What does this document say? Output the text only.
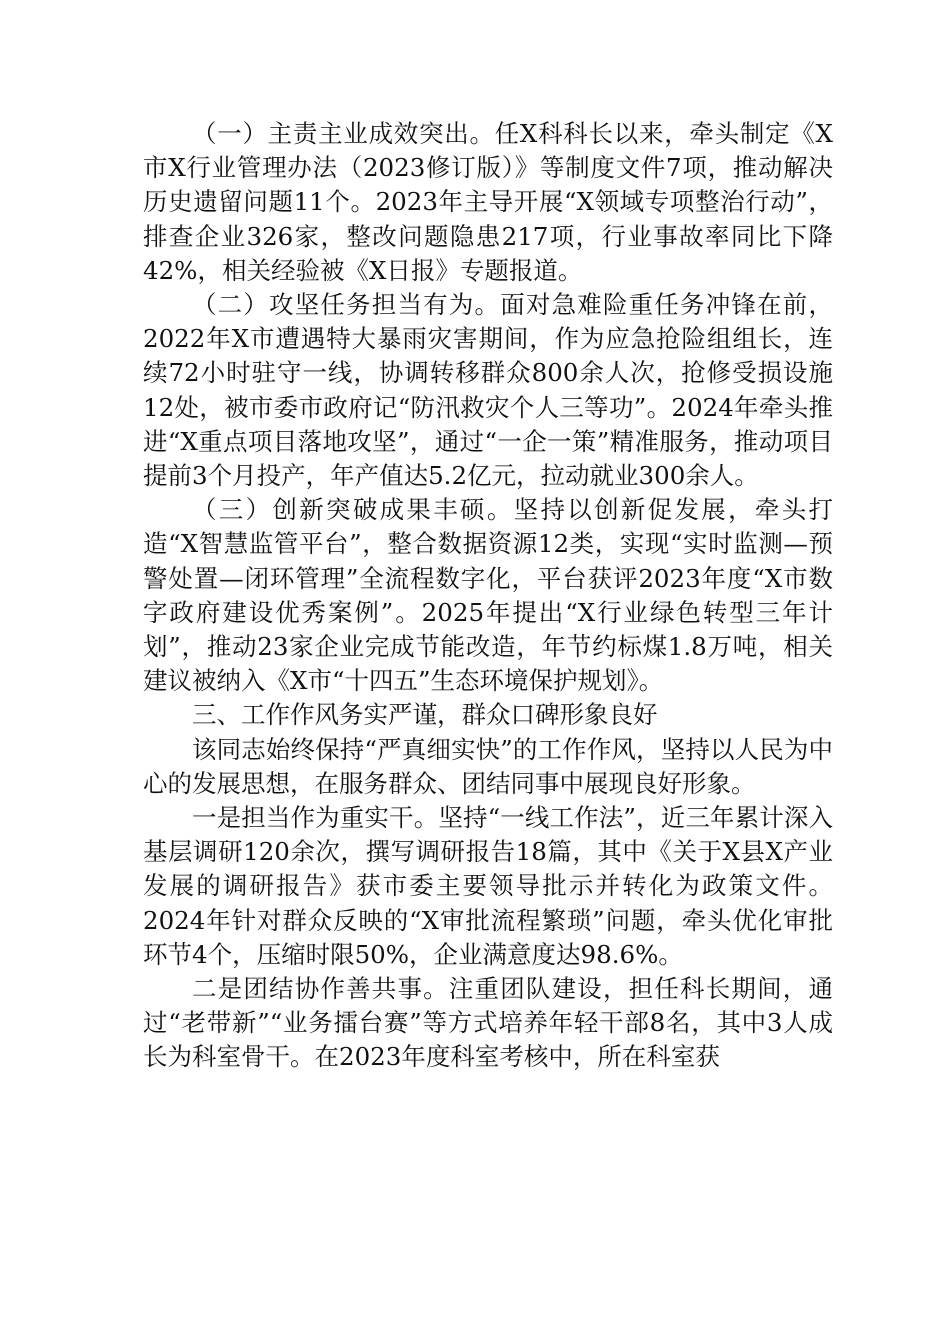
（一）主责主业成效突出。任X科科长以来，牵头制定《X市X行业管理办法（2023修订版）》等制度文件7项，推动解决历史遗留问题11个。2023年主导开展“X领域专项整治行动”，排查企业326家，整改问题隐患217项，行业事故率同比下降42%，相关经验被《X日报》专题报道。

（二）攻坚任务担当有为。面对急难险重任务冲锋在前，2022年X市遭遇特大暴雨灾害期间，作为应急抢险组组长，连续72小时驻守一线，协调转移群众800余人次，抢修受损设施12处，被市委市政府记“防汛救灾个人三等功”。2024年牵头推进“X重点项目落地攻坚”，通过“一企一策”精准服务，推动项目提前3个月投产，年产值达5.2亿元，拉动就业300余人。

（三）创新突破成果丰硕。坚持以创新促发展，牵头打造“X智慧监管平台”，整合数据资源12类，实现“实时监测—预警处置—闭环管理”全流程数字化，平台获评2023年度“X市数字政府建设优秀案例”。2025年提出“X行业绿色转型三年计划”，推动23家企业完成节能改造，年节约标煤1.8万吨，相关建议被纳入《X市“十四五”生态环境保护规划》。

三、工作作风务实严谨，群众口碑形象良好

该同志始终保持“严真细实快”的工作作风，坚持以人民为中心的发展思想，在服务群众、团结同事中展现良好形象。

一是担当作为重实干。坚持“一线工作法”，近三年累计深入基层调研120余次，撰写调研报告18篇，其中《关于X县X产业发展的调研报告》获市委主要领导批示并转化为政策文件。2024年针对群众反映的“X审批流程繁琐”问题，牵头优化审批环节4个，压缩时限50%，企业满意度达98.6%。

二是团结协作善共事。注重团队建设，担任科长期间，通过“老带新”“业务擂台赛”等方式培养年轻干部8名，其中3人成长为科室骨干。在2023年度科室考核中，所在科室获
